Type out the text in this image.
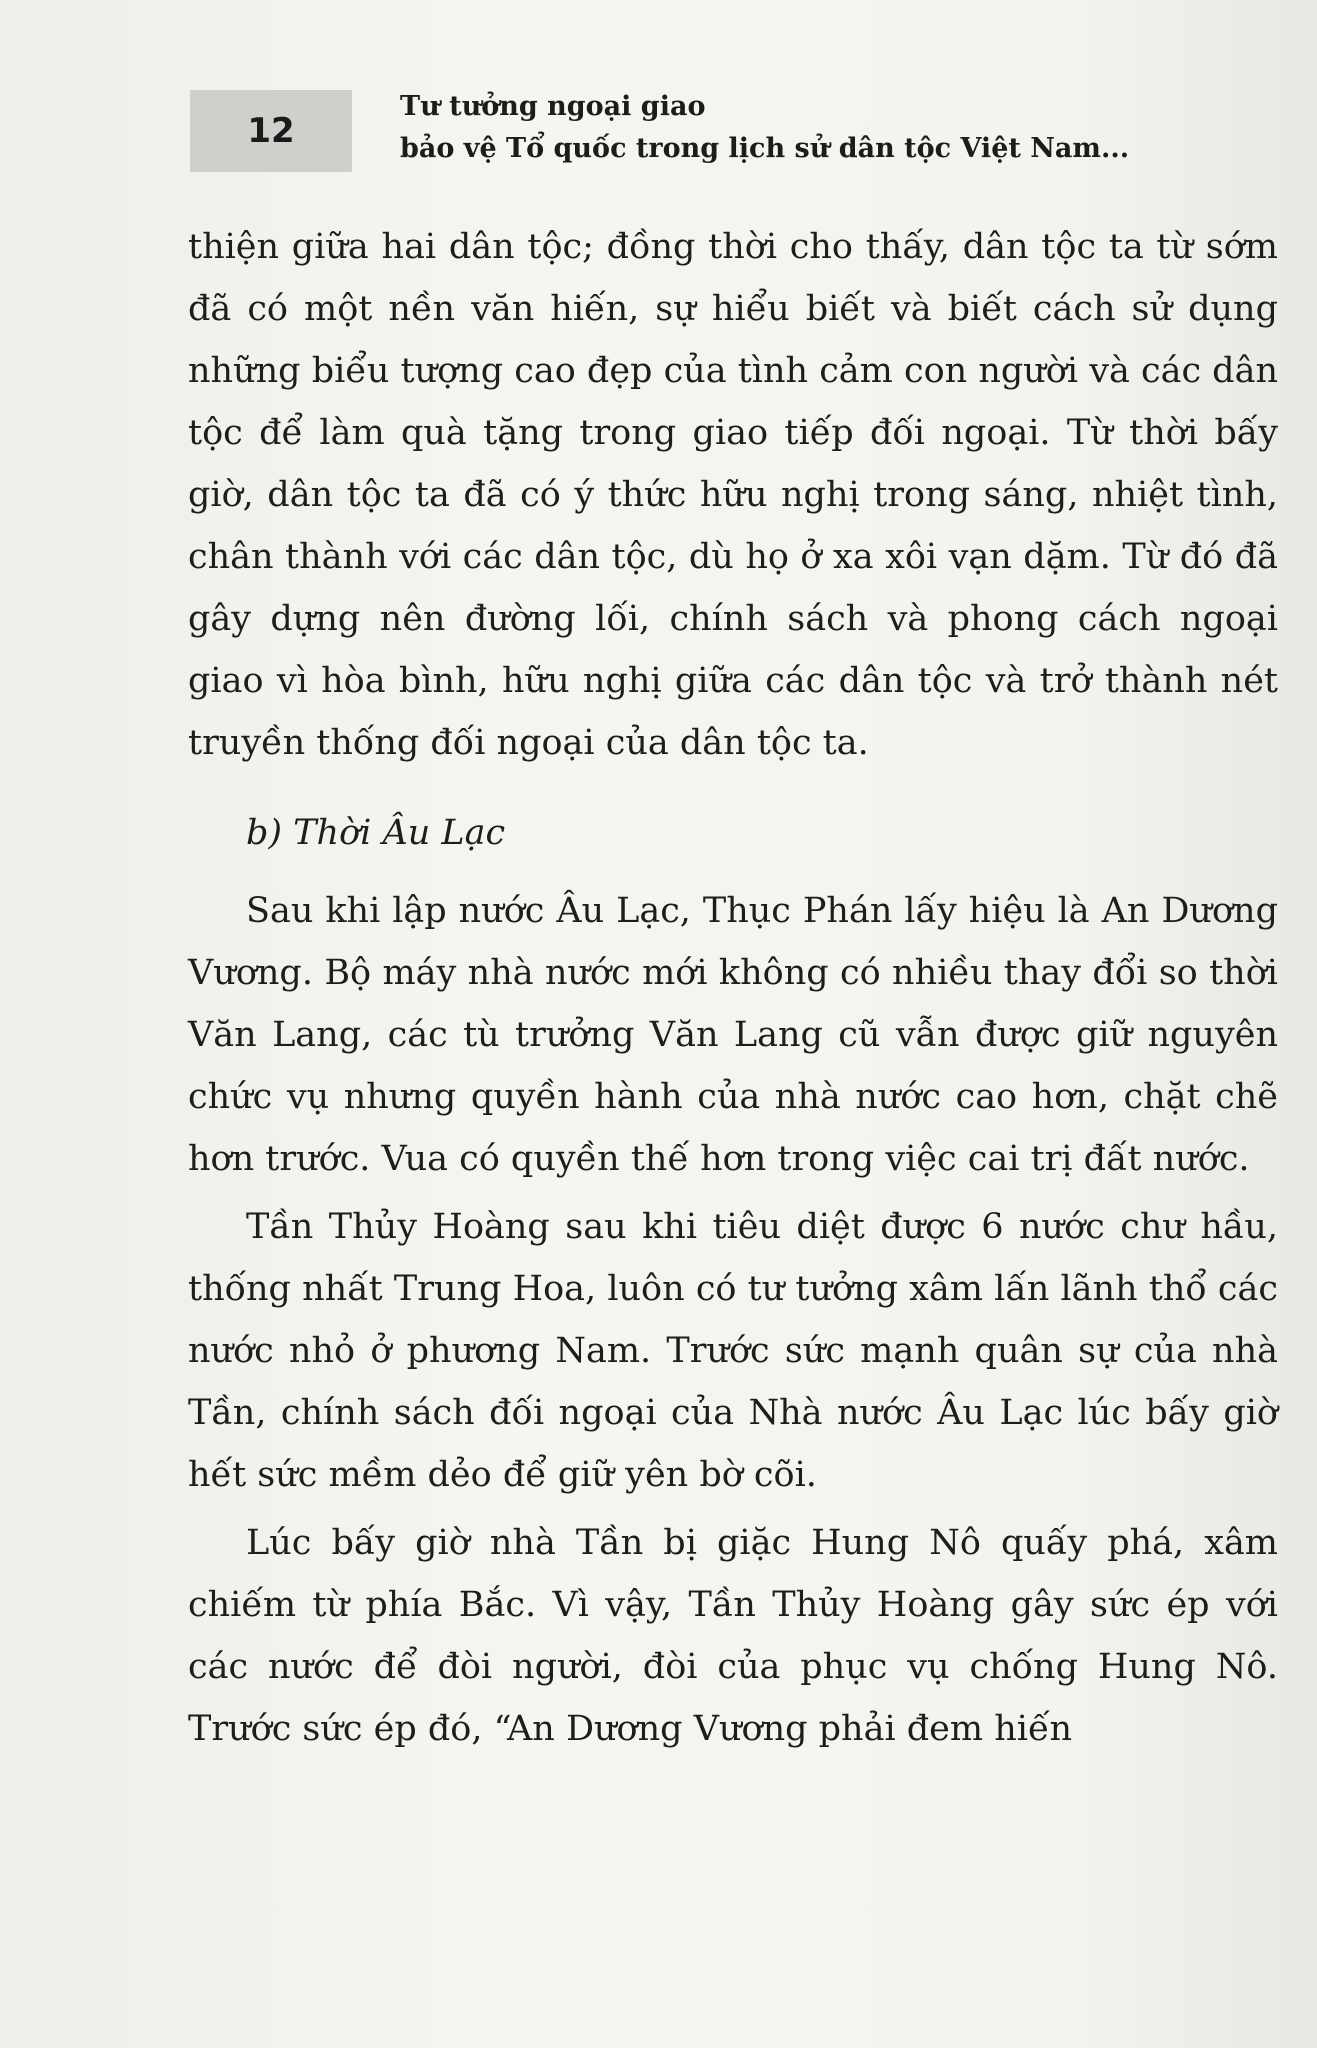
12
Tư tưởng ngoại giao
bảo vệ Tổ quốc trong lịch sử dân tộc Việt Nam...

thiện giữa hai dân tộc; đồng thời cho thấy, dân tộc ta từ sớm đã có một nền văn hiến, sự hiểu biết và biết cách sử dụng những biểu tượng cao đẹp của tình cảm con người và các dân tộc để làm quà tặng trong giao tiếp đối ngoại. Từ thời bấy giờ, dân tộc ta đã có ý thức hữu nghị trong sáng, nhiệt tình, chân thành với các dân tộc, dù họ ở xa xôi vạn dặm. Từ đó đã gây dựng nên đường lối, chính sách và phong cách ngoại giao vì hòa bình, hữu nghị giữa các dân tộc và trở thành nét truyền thống đối ngoại của dân tộc ta.

b) Thời Âu Lạc

Sau khi lập nước Âu Lạc, Thục Phán lấy hiệu là An Dương Vương. Bộ máy nhà nước mới không có nhiều thay đổi so thời Văn Lang, các tù trưởng Văn Lang cũ vẫn được giữ nguyên chức vụ nhưng quyền hành của nhà nước cao hơn, chặt chẽ hơn trước. Vua có quyền thế hơn trong việc cai trị đất nước.

Tần Thủy Hoàng sau khi tiêu diệt được 6 nước chư hầu, thống nhất Trung Hoa, luôn có tư tưởng xâm lấn lãnh thổ các nước nhỏ ở phương Nam. Trước sức mạnh quân sự của nhà Tần, chính sách đối ngoại của Nhà nước Âu Lạc lúc bấy giờ hết sức mềm dẻo để giữ yên bờ cõi.

Lúc bấy giờ nhà Tần bị giặc Hung Nô quấy phá, xâm chiếm từ phía Bắc. Vì vậy, Tần Thủy Hoàng gây sức ép với các nước để đòi người, đòi của phục vụ chống Hung Nô. Trước sức ép đó, “An Dương Vương phải đem hiến
